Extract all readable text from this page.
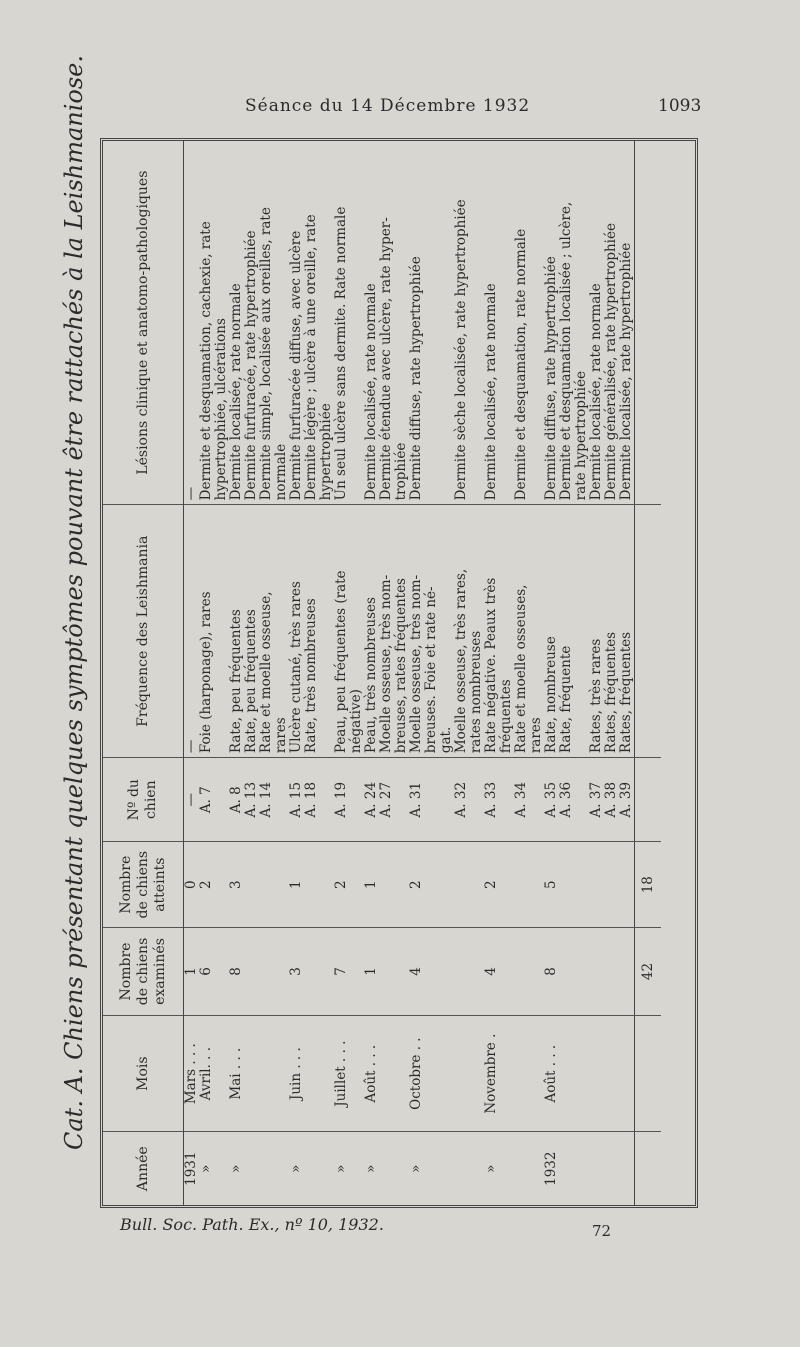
Séance du 14 Décembre 1932	1093
Cat. A. Chiens présentant quelques symptômes pouvant être rattachés à la Leishmaniose.
Année	Mois	Nombre de chiens examinés	Nombre de chiens atteints	Nº du chien	Fréquence des Leishmania	Lésions clinique et anatomo-pathologiques
1931	Mars . . .	1	0	—	—	—
»	Avril. . .	6	2	A. 7	Foie (harponage), rares	Dermite et desquamation, cachexie, rate
						hypertrophiée, ulcérations
»	Mai . . .	8	3	A. 8	Rate, peu fréquentes	Dermite localisée, rate normale
				A. 13	Rate, peu fréquentes	Dermite furfuracée, rate hypertrophiée
				A. 14	Rate et moelle osseuse,	Dermite simple, localisée aux oreilles, rate
					rares	normale
»	Juin . . .	3	1	A. 15	Ulcère cutané, très rares	Dermite furfuracée diffuse, avec ulcère
				A. 18	Rate, très nombreuses	Dermite légère ; ulcère à une oreille, rate
						hypertrophiée
»	Juillet . . .	7	2	A. 19	Peau, peu fréquentes (rate	Un seul ulcère sans dermite. Rate normale
					négative)	
»	Août . . .	1	1	A. 24	Peau, très nombreuses	Dermite localisée, rate normale
				A. 27	Moelle osseuse, très nom-	Dermite étendue avec ulcère, rate hyper-
					breuses, rates fréquentes	trophiée
»	Octobre . .	4	2	A. 31	Moelle osseuse, très nom-	Dermite diffuse, rate hypertrophiée
					breuses. Foie et rate né-	
					gat.	
				A. 32	Moelle osseuse, très rares,	Dermite sèche localisée, rate hypertrophiée
					rates nombreuses	
»	Novembre .	4	2	A. 33	Rate négative. Peaux très	Dermite localisée, rate normale
					fréquentes	
				A. 34	Rate et moelle osseuses,	Dermite et desquamation, rate normale
					rares	
1932	Août . . .	8	5	A. 35	Rate, nombreuse	Dermite diffuse, rate hypertrophiée
				A. 36	Rate, fréquente	Dermite et desquamation localisée ; ulcère,
						rate hypertrophiée
				A. 37	Rates, très rares	Dermite localisée, rate normale
				A. 38	Rates, fréquentes	Dermite généralisée, rate hypertrophiée
				A. 39	Rates, fréquentes	Dermite localisée, rate hypertrophiée
		42	18			
Bull. Soc. Path. Ex., nº 10, 1932.	72
